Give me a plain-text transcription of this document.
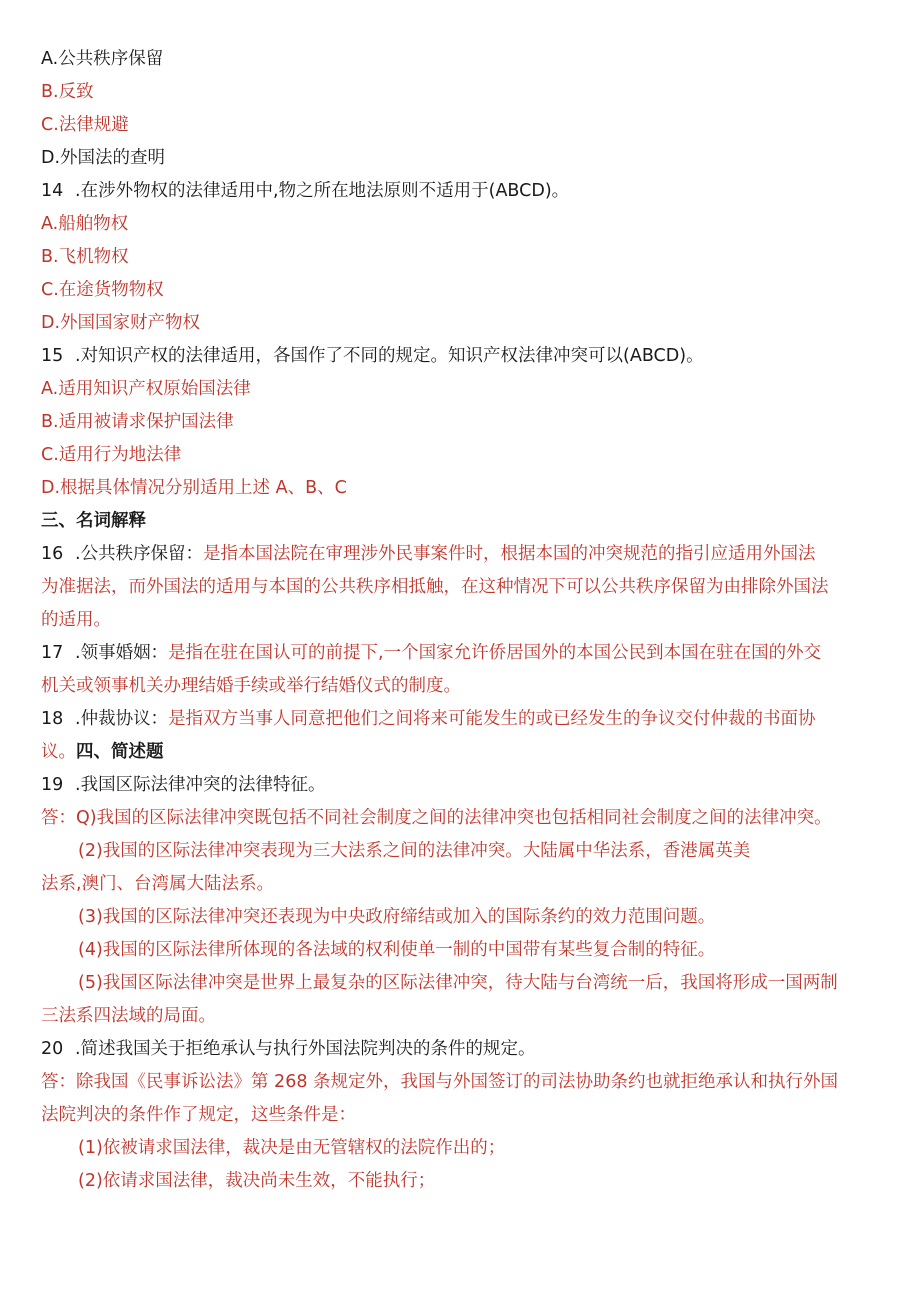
A.公共秩序保留

B.反致

C.法律规避

D.外国法的查明

14 .在涉外物权的法律适用中,物之所在地法原则不适用于(ABCD)。

A.船舶物权

B.飞机物权

C.在途货物物权

D.外国国家财产物权

15 .对知识产权的法律适用，各国作了不同的规定。知识产权法律冲突可以(ABCD)。

A.适用知识产权原始国法律

B.适用被请求保护国法律

C.适用行为地法律

D.根据具体情况分别适用上述 A、B、C

三、名词解释

16 .公共秩序保留：是指本国法院在审理涉外民事案件时，根据本国的冲突规范的指引应适用外国法

为准据法，而外国法的适用与本国的公共秩序相抵触，在这种情况下可以公共秩序保留为由排除外国法

的适用。

17 .领事婚姻：是指在驻在国认可的前提下,一个国家允许侨居国外的本国公民到本国在驻在国的外交

机关或领事机关办理结婚手续或举行结婚仪式的制度。

18 .仲裁协议：是指双方当事人同意把他们之间将来可能发生的或已经发生的争议交付仲裁的书面协

议。四、简述题

19 .我国区际法律冲突的法律特征。

答：Q)我国的区际法律冲突既包括不同社会制度之间的法律冲突也包括相同社会制度之间的法律冲突。

(2)我国的区际法律冲突表现为三大法系之间的法律冲突。大陆属中华法系，香港属英美

法系,澳门、台湾属大陆法系。

(3)我国的区际法律冲突还表现为中央政府缔结或加入的国际条约的效力范围问题。

(4)我国的区际法律所体现的各法域的权利使单一制的中国带有某些复合制的特征。

(5)我国区际法律冲突是世界上最复杂的区际法律冲突，待大陆与台湾统一后，我国将形成一国两制

三法系四法域的局面。

20 .简述我国关于拒绝承认与执行外国法院判决的条件的规定。

答：除我国《民事诉讼法》第 268 条规定外，我国与外国签订的司法协助条约也就拒绝承认和执行外国

法院判决的条件作了规定，这些条件是：

(1)依被请求国法律，裁决是由无管辖权的法院作出的；

(2)依请求国法律，裁决尚未生效，不能执行；
